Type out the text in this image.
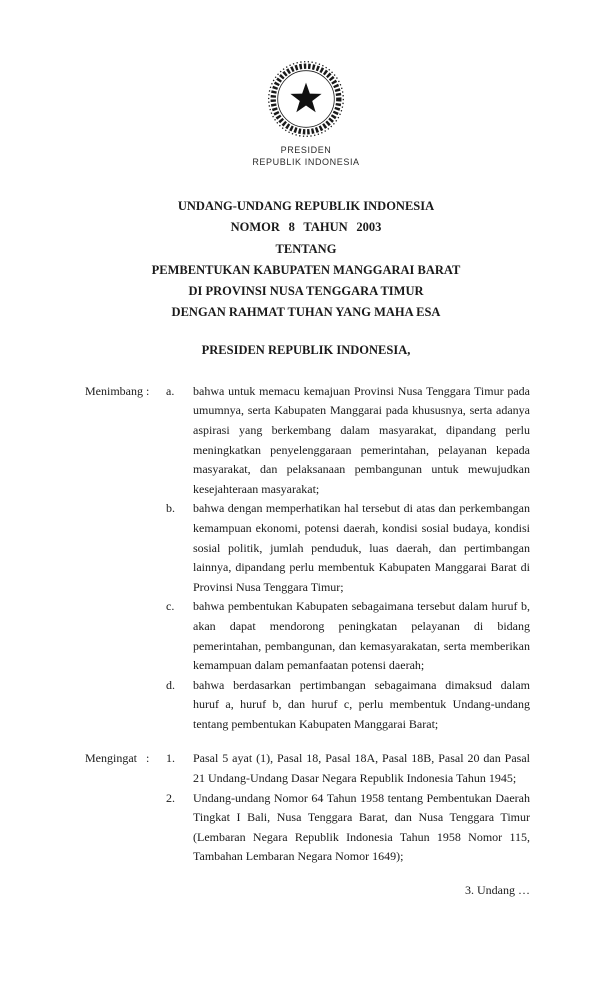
PRESIDEN
REPUBLIK INDONESIA
UNDANG-UNDANG REPUBLIK INDONESIA
NOMOR 8 TAHUN 2003
TENTANG
PEMBENTUKAN KABUPATEN MANGGARAI BARAT
DI PROVINSI NUSA TENGGARA TIMUR
DENGAN RAHMAT TUHAN YANG MAHA ESA
PRESIDEN REPUBLIK INDONESIA,
Menimbang :	a.	bahwa untuk memacu kemajuan Provinsi Nusa Tenggara Timur pada umumnya, serta Kabupaten Manggarai pada khususnya, serta adanya aspirasi yang berkembang dalam masyarakat, dipandang perlu meningkatkan penyelenggaraan pemerintahan, pelayanan kepada masyarakat, dan pelaksanaan pembangunan untuk mewujudkan kesejahteraan masyarakat;
b.	bahwa dengan memperhatikan hal tersebut di atas dan perkembangan kemampuan ekonomi, potensi daerah, kondisi sosial budaya, kondisi sosial politik, jumlah penduduk, luas daerah, dan pertimbangan lainnya, dipandang perlu membentuk Kabupaten Manggarai Barat di Provinsi Nusa Tenggara Timur;
c.	bahwa pembentukan Kabupaten sebagaimana tersebut dalam huruf b, akan dapat mendorong peningkatan pelayanan di bidang pemerintahan, pembangunan, dan kemasyarakatan, serta memberikan kemampuan dalam pemanfaatan potensi daerah;
d.	bahwa berdasarkan pertimbangan sebagaimana dimaksud dalam huruf a, huruf b, dan huruf c, perlu membentuk Undang-undang tentang pembentukan Kabupaten Manggarai Barat;
Mengingat :	1.	Pasal 5 ayat (1), Pasal 18, Pasal 18A, Pasal 18B, Pasal 20 dan Pasal 21 Undang-Undang Dasar Negara Republik Indonesia Tahun 1945;
2.	Undang-undang Nomor 64 Tahun 1958 tentang Pembentukan Daerah Tingkat I Bali, Nusa Tenggara Barat, dan Nusa Tenggara Timur (Lembaran Negara Republik Indonesia Tahun 1958 Nomor 115, Tambahan Lembaran Negara Nomor 1649);
3. Undang …
